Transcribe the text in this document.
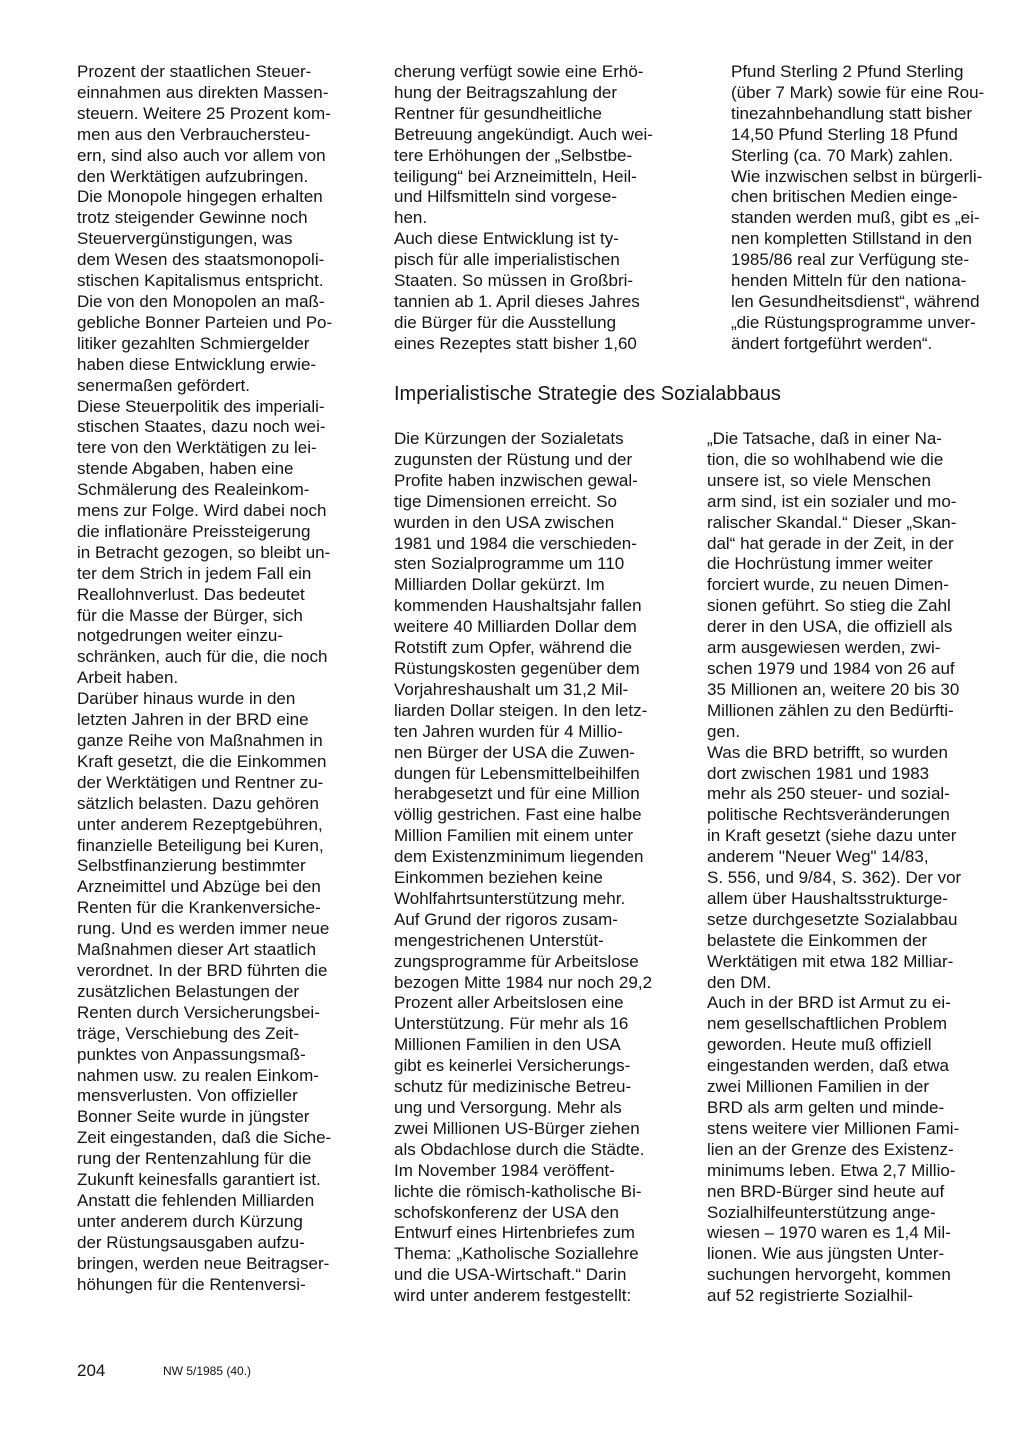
Prozent der staatlichen Steuer-
einnahmen aus direkten Massen-
steuern. Weitere 25 Prozent kom-
men aus den Verbrauchersteu-
ern, sind also auch vor allem von
den Werktätigen aufzubringen.
Die Monopole hingegen erhalten
trotz steigender Gewinne noch
Steuervergünstigungen, was
dem Wesen des staatsmonopoli-
stischen Kapitalismus entspricht.
Die von den Monopolen an maß-
gebliche Bonner Parteien und Po-
litiker gezahlten Schmiergelder
haben diese Entwicklung erwie-
senermaßen gefördert.

Diese Steuerpolitik des imperiali-
stischen Staates, dazu noch wei-
tere von den Werktätigen zu lei-
stende Abgaben, haben eine
Schmälerung des Realeinkom-
mens zur Folge. Wird dabei noch
die inflationäre Preissteigerung
in Betracht gezogen, so bleibt un-
ter dem Strich in jedem Fall ein
Reallohnverlust. Das bedeutet
für die Masse der Bürger, sich
notgedrungen weiter einzu-
schränken, auch für die, die noch
Arbeit haben.

Darüber hinaus wurde in den
letzten Jahren in der BRD eine
ganze Reihe von Maßnahmen in
Kraft gesetzt, die die Einkommen
der Werktätigen und Rentner zu-
sätzlich belasten. Dazu gehören
unter anderem Rezeptgebühren,
finanzielle Beteiligung bei Kuren,
Selbstfinanzierung bestimmter
Arzneimittel und Abzüge bei den
Renten für die Krankenversiche-
rung. Und es werden immer neue
Maßnahmen dieser Art staatlich
verordnet. In der BRD führten die
zusätzlichen Belastungen der
Renten durch Versicherungsbei-
träge, Verschiebung des Zeit-
punktes von Anpassungsmaß-
nahmen usw. zu realen Einkom-
mensverlusten. Von offizieller
Bonner Seite wurde in jüngster
Zeit eingestanden, daß die Siche-
rung der Rentenzahlung für die
Zukunft keinesfalls garantiert ist.

Anstatt die fehlenden Milliarden
unter anderem durch Kürzung
der Rüstungsausgaben aufzu-
bringen, werden neue Beitragser-
höhungen für die Rentenversi-

cherung verfügt sowie eine Erhö-
hung der Beitragszahlung der
Rentner für gesundheitliche
Betreuung angekündigt. Auch wei-
tere Erhöhungen der „Selbstbe-
teiligung“ bei Arzneimitteln, Heil-
und Hilfsmitteln sind vorgese-
hen.

Auch diese Entwicklung ist ty-
pisch für alle imperialistischen
Staaten. So müssen in Großbri-
tannien ab 1. April dieses Jahres
die Bürger für die Ausstellung
eines Rezeptes statt bisher 1,60

Pfund Sterling 2 Pfund Sterling
(über 7 Mark) sowie für eine Rou-
tinezahnbehandlung statt bisher
14,50 Pfund Sterling 18 Pfund
Sterling (ca. 70 Mark) zahlen.
Wie inzwischen selbst in bürgerli-
chen britischen Medien einge-
standen werden muß, gibt es „ei-
nen kompletten Stillstand in den
1985/86 real zur Verfügung ste-
henden Mitteln für den nationa-
len Gesundheitsdienst“, während
„die Rüstungsprogramme unver-
ändert fortgeführt werden“.

Imperialistische Strategie des Sozialabbaus

Die Kürzungen der Sozialetats
zugunsten der Rüstung und der
Profite haben inzwischen gewal-
tige Dimensionen erreicht. So
wurden in den USA zwischen
1981 und 1984 die verschieden-
sten Sozialprogramme um 110
Milliarden Dollar gekürzt. Im
kommenden Haushaltsjahr fallen
weitere 40 Milliarden Dollar dem
Rotstift zum Opfer, während die
Rüstungskosten gegenüber dem
Vorjahreshaushalt um 31,2 Mil-
liarden Dollar steigen. In den letz-
ten Jahren wurden für 4 Millio-
nen Bürger der USA die Zuwen-
dungen für Lebensmittelbeihilfen
herabgesetzt und für eine Million
völlig gestrichen. Fast eine halbe
Million Familien mit einem unter
dem Existenzminimum liegenden
Einkommen beziehen keine
Wohlfahrtsunterstützung mehr.
Auf Grund der rigoros zusam-
mengestrichenen Unterstüt-
zungsprogramme für Arbeitslose
bezogen Mitte 1984 nur noch 29,2
Prozent aller Arbeitslosen eine
Unterstützung. Für mehr als 16
Millionen Familien in den USA
gibt es keinerlei Versicherungs-
schutz für medizinische Betreu-
ung und Versorgung. Mehr als
zwei Millionen US-Bürger ziehen
als Obdachlose durch die Städte.
Im November 1984 veröffent-
lichte die römisch-katholische Bi-
schofskonferenz der USA den
Entwurf eines Hirtenbriefes zum
Thema: „Katholische Soziallehre
und die USA-Wirtschaft.“ Darin
wird unter anderem festgestellt:

„Die Tatsache, daß in einer Na-
tion, die so wohlhabend wie die
unsere ist, so viele Menschen
arm sind, ist ein sozialer und mo-
ralischer Skandal.“ Dieser „Skan-
dal“ hat gerade in der Zeit, in der
die Hochrüstung immer weiter
forciert wurde, zu neuen Dimen-
sionen geführt. So stieg die Zahl
derer in den USA, die offiziell als
arm ausgewiesen werden, zwi-
schen 1979 und 1984 von 26 auf
35 Millionen an, weitere 20 bis 30
Millionen zählen zu den Bedürfti-
gen.

Was die BRD betrifft, so wurden
dort zwischen 1981 und 1983
mehr als 250 steuer- und sozial-
politische Rechtsveränderungen
in Kraft gesetzt (siehe dazu unter
anderem "Neuer Weg" 14/83,
S. 556, und 9/84, S. 362). Der vor
allem über Haushaltsstrukturge-
setze durchgesetzte Sozialabbau
belastete die Einkommen der
Werktätigen mit etwa 182 Milliar-
den DM.

Auch in der BRD ist Armut zu ei-
nem gesellschaftlichen Problem
geworden. Heute muß offiziell
eingestanden werden, daß etwa
zwei Millionen Familien in der
BRD als arm gelten und minde-
stens weitere vier Millionen Fami-
lien an der Grenze des Existenz-
minimums leben. Etwa 2,7 Millio-
nen BRD-Bürger sind heute auf
Sozialhilfeunterstützung ange-
wiesen – 1970 waren es 1,4 Mil-
lionen. Wie aus jüngsten Unter-
suchungen hervorgeht, kommen
auf 52 registrierte Sozialhil-

204	NW 5/1985 (40.)
